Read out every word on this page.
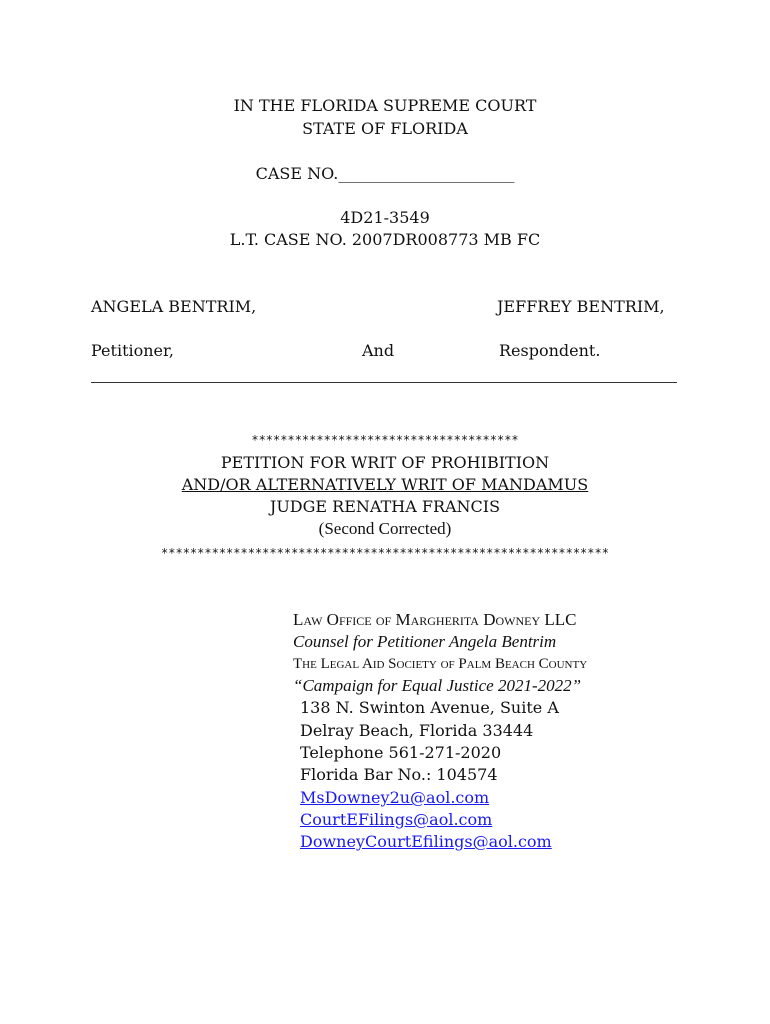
IN THE FLORIDA SUPREME COURT
STATE OF FLORIDA
CASE NO.______________________
4D21-3549
L.T. CASE NO. 2007DR008773 MB FC
ANGELA BENTRIM,	JEFFREY BENTRIM,
Petitioner,	And	Respondent.
*************************************
PETITION FOR WRIT OF PROHIBITION
AND/OR ALTERNATIVELY WRIT OF MANDAMUS
JUDGE RENATHA FRANCIS
(Second Corrected)
**************************************************************
Law Office of Margherita Downey LLC
Counsel for Petitioner Angela Bentrim
The Legal Aid Society of Palm Beach County
“Campaign for Equal Justice 2021-2022”
138 N. Swinton Avenue, Suite A
Delray Beach, Florida 33444
Telephone 561-271-2020
Florida Bar No.: 104574
MsDowney2u@aol.com
CourtEFilings@aol.com
DowneyCourtEfilings@aol.com
